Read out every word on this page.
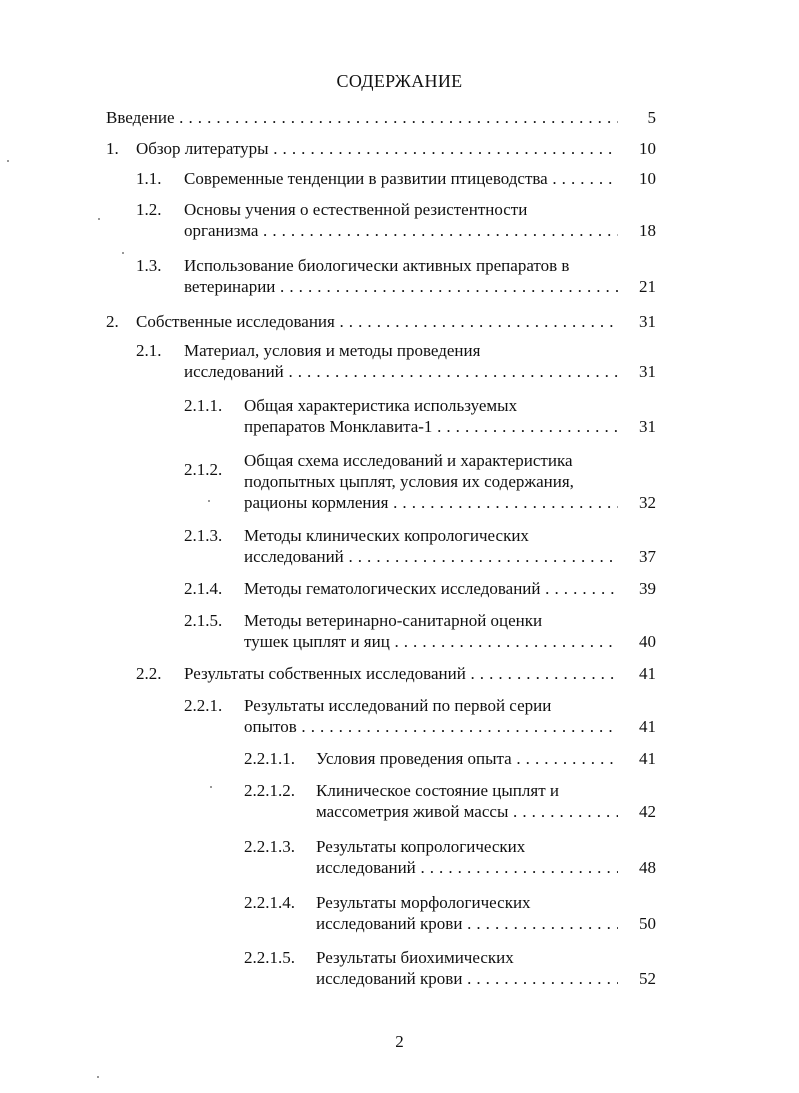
СОДЕРЖАНИЕ
Введение . . .	5
1. Обзор литературы . . .	10
1.1. Современные тенденции в развитии птицеводства . . .	10
1.2. Основы учения о естественной резистентности
организма . . .	18
1.3. Использование биологически активных препаратов в
ветеринарии . . .	21
2. Собственные исследования . . .	31
2.1. Материал, условия и методы проведения
исследований . . .	31
2.1.1. Общая характеристика используемых
препаратов Монклавита-1 . . .	31
2.1.2. Общая схема исследований и характеристика
подопытных цыплят, условия их содержания,
рационы кормления . . .	32
2.1.3. Методы клинических копрологических
исследований . . .	37
2.1.4. Методы гематологических исследований . . .	39
2.1.5. Методы ветеринарно-санитарной оценки
тушек цыплят и яиц . . .	40
2.2. Результаты собственных исследований . . .	41
2.2.1. Результаты исследований по первой серии
опытов . . .	41
2.2.1.1. Условия проведения опыта . . .	41
2.2.1.2. Клиническое состояние цыплят и
массометрия живой массы . . .	42
2.2.1.3. Результаты копрологических
исследований . . .	48
2.2.1.4. Результаты морфологических
исследований крови . . .	50
2.2.1.5. Результаты биохимических
исследований крови . . .	52
2
